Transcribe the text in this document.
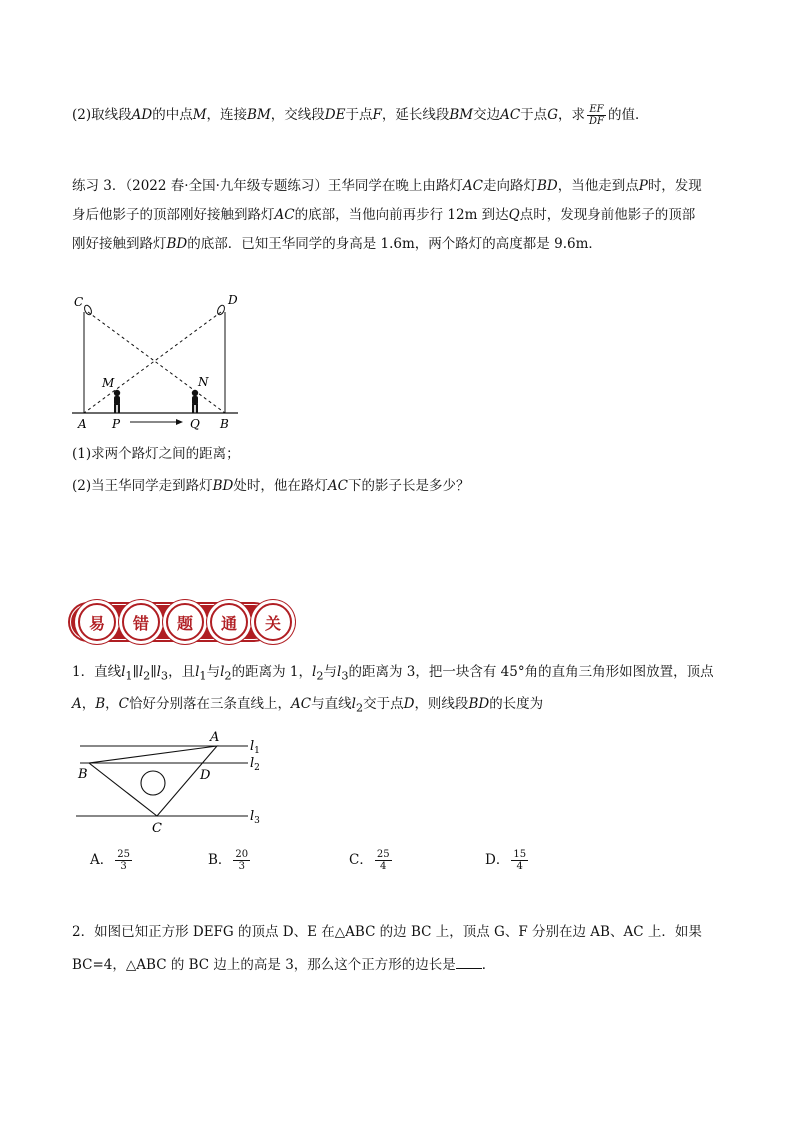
(2)取线段AD的中点M，连接BM，交线段DE于点F，延长线段BM交边AC于点G，求 $\frac{EF}{DF}$ 的值．
练习 3．（2022 春·全国·九年级专题练习）王华同学在晚上由路灯AC走向路灯BD，当他走到点P时，发现
身后他影子的顶部刚好接触到路灯AC的底部，当他向前再步行 12m 到达Q点时，发现身前他影子的顶部
刚好接触到路灯BD的底部．已知王华同学的身高是 1.6m，两个路灯的高度都是 9.6m．
C	D
M	N
A P	Q B
(1)求两个路灯之间的距离；
(2)当王华同学走到路灯BD处时，他在路灯AC下的影子长是多少？
易 错 题 通 关
1．直线$l_1\parallel l_2\parallel l_3$，且$l_1$与$l_2$的距离为 1，$l_2$与$l_3$的距离为 3，把一块含有 45°角的直角三角形如图放置，顶点
A，B，C恰好分别落在三条直线上，AC与直线$l_2$交于点D，则线段BD的长度为
A
B
C
D
$l_1$
$l_2$
$l_3$
A． $\frac{25}{3}$	B． $\frac{20}{3}$	C． $\frac{25}{4}$	D． $\frac{15}{4}$
2．如图已知正方形 DEFG 的顶点 D、E 在△ABC 的边 BC 上，顶点 G、F 分别在边 AB、AC 上．如果
BC=4，△ABC 的 BC 边上的高是 3，那么这个正方形的边长是 ．
